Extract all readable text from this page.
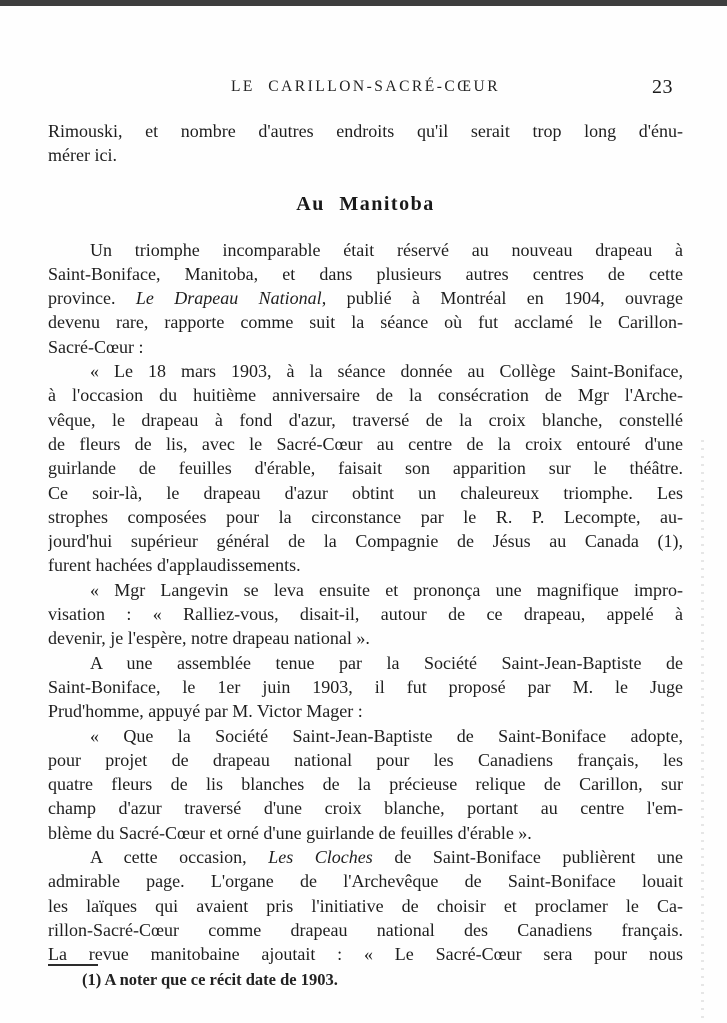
LE CARILLON-SACRÉ-CŒUR	23
Rimouski, et nombre d'autres endroits qu'il serait trop long d'énu-
mérer ici.
Au Manitoba
Un triomphe incomparable était réservé au nouveau drapeau à
Saint-Boniface, Manitoba, et dans plusieurs autres centres de cette
province. Le Drapeau National, publié à Montréal en 1904, ouvrage
devenu rare, rapporte comme suit la séance où fut acclamé le Carillon-
Sacré-Cœur :
« Le 18 mars 1903, à la séance donnée au Collège Saint-Boniface,
à l'occasion du huitième anniversaire de la consécration de Mgr l'Arche-
vêque, le drapeau à fond d'azur, traversé de la croix blanche, constellé
de fleurs de lis, avec le Sacré-Cœur au centre de la croix entouré d'une
guirlande de feuilles d'érable, faisait son apparition sur le théâtre.
Ce soir-là, le drapeau d'azur obtint un chaleureux triomphe. Les
strophes composées pour la circonstance par le R. P. Lecompte, au-
jourd'hui supérieur général de la Compagnie de Jésus au Canada (1),
furent hachées d'applaudissements.
« Mgr Langevin se leva ensuite et prononça une magnifique impro-
visation : « Ralliez-vous, disait-il, autour de ce drapeau, appelé à
devenir, je l'espère, notre drapeau national ».
A une assemblée tenue par la Société Saint-Jean-Baptiste de
Saint-Boniface, le 1er juin 1903, il fut proposé par M. le Juge
Prud'homme, appuyé par M. Victor Mager :
« Que la Société Saint-Jean-Baptiste de Saint-Boniface adopte,
pour projet de drapeau national pour les Canadiens français, les
quatre fleurs de lis blanches de la précieuse relique de Carillon, sur
champ d'azur traversé d'une croix blanche, portant au centre l'em-
blème du Sacré-Cœur et orné d'une guirlande de feuilles d'érable ».
A cette occasion, Les Cloches de Saint-Boniface publièrent une
admirable page. L'organe de l'Archevêque de Saint-Boniface louait
les laïques qui avaient pris l'initiative de choisir et proclamer le Ca-
rillon-Sacré-Cœur comme drapeau national des Canadiens français.
La revue manitobaine ajoutait : « Le Sacré-Cœur sera pour nous
(1) A noter que ce récit date de 1903.
